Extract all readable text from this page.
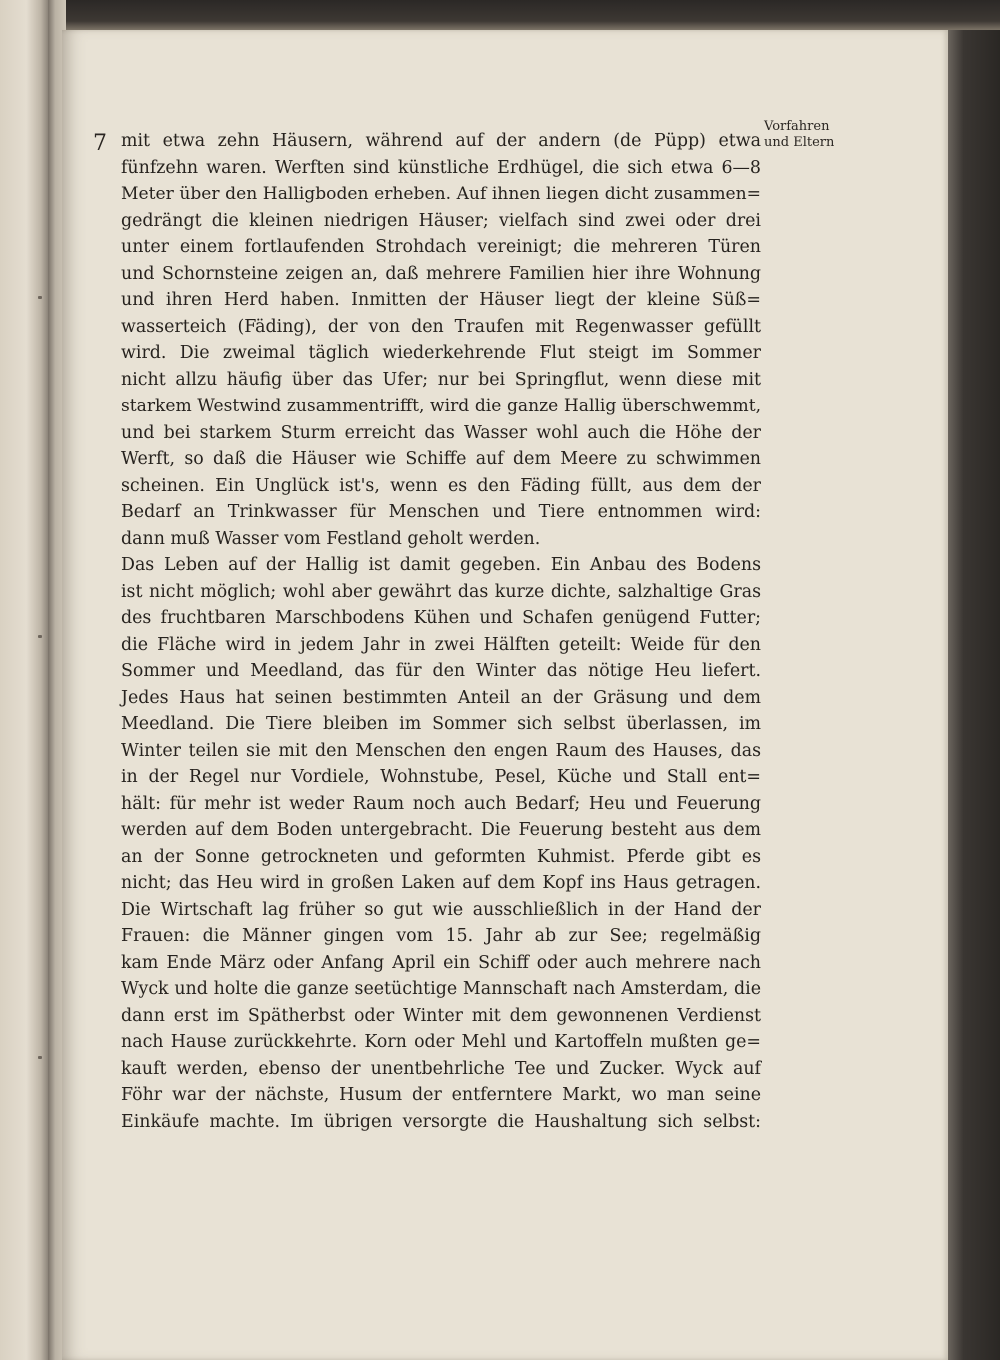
7
Vorfahren
und Eltern
mit etwa zehn Häusern, während auf der andern (de Püpp) etwa
fünfzehn waren. Werften sind künstliche Erdhügel, die sich etwa 6—8
Meter über den Halligboden erheben. Auf ihnen liegen dicht zusammen=
gedrängt die kleinen niedrigen Häuser; vielfach sind zwei oder drei
unter einem fortlaufenden Strohdach vereinigt; die mehreren Türen
und Schornsteine zeigen an, daß mehrere Familien hier ihre Wohnung
und ihren Herd haben. Inmitten der Häuser liegt der kleine Süß=
wasserteich (Fäding), der von den Traufen mit Regenwasser gefüllt
wird. Die zweimal täglich wiederkehrende Flut steigt im Sommer
nicht allzu häufig über das Ufer; nur bei Springflut, wenn diese mit
starkem Westwind zusammentrifft, wird die ganze Hallig überschwemmt,
und bei starkem Sturm erreicht das Wasser wohl auch die Höhe der
Werft, so daß die Häuser wie Schiffe auf dem Meere zu schwimmen
scheinen. Ein Unglück ist's, wenn es den Fäding füllt, aus dem der
Bedarf an Trinkwasser für Menschen und Tiere entnommen wird:
dann muß Wasser vom Festland geholt werden.
Das Leben auf der Hallig ist damit gegeben. Ein Anbau des Bodens
ist nicht möglich; wohl aber gewährt das kurze dichte, salzhaltige Gras
des fruchtbaren Marschbodens Kühen und Schafen genügend Futter;
die Fläche wird in jedem Jahr in zwei Hälften geteilt: Weide für den
Sommer und Meedland, das für den Winter das nötige Heu liefert.
Jedes Haus hat seinen bestimmten Anteil an der Gräsung und dem
Meedland. Die Tiere bleiben im Sommer sich selbst überlassen, im
Winter teilen sie mit den Menschen den engen Raum des Hauses, das
in der Regel nur Vordiele, Wohnstube, Pesel, Küche und Stall ent=
hält: für mehr ist weder Raum noch auch Bedarf; Heu und Feuerung
werden auf dem Boden untergebracht. Die Feuerung besteht aus dem
an der Sonne getrockneten und geformten Kuhmist. Pferde gibt es
nicht; das Heu wird in großen Laken auf dem Kopf ins Haus getragen.
Die Wirtschaft lag früher so gut wie ausschließlich in der Hand der
Frauen: die Männer gingen vom 15. Jahr ab zur See; regelmäßig
kam Ende März oder Anfang April ein Schiff oder auch mehrere nach
Wyck und holte die ganze seetüchtige Mannschaft nach Amsterdam, die
dann erst im Spätherbst oder Winter mit dem gewonnenen Verdienst
nach Hause zurückkehrte. Korn oder Mehl und Kartoffeln mußten ge=
kauft werden, ebenso der unentbehrliche Tee und Zucker. Wyck auf
Föhr war der nächste, Husum der entferntere Markt, wo man seine
Einkäufe machte. Im übrigen versorgte die Haushaltung sich selbst:
